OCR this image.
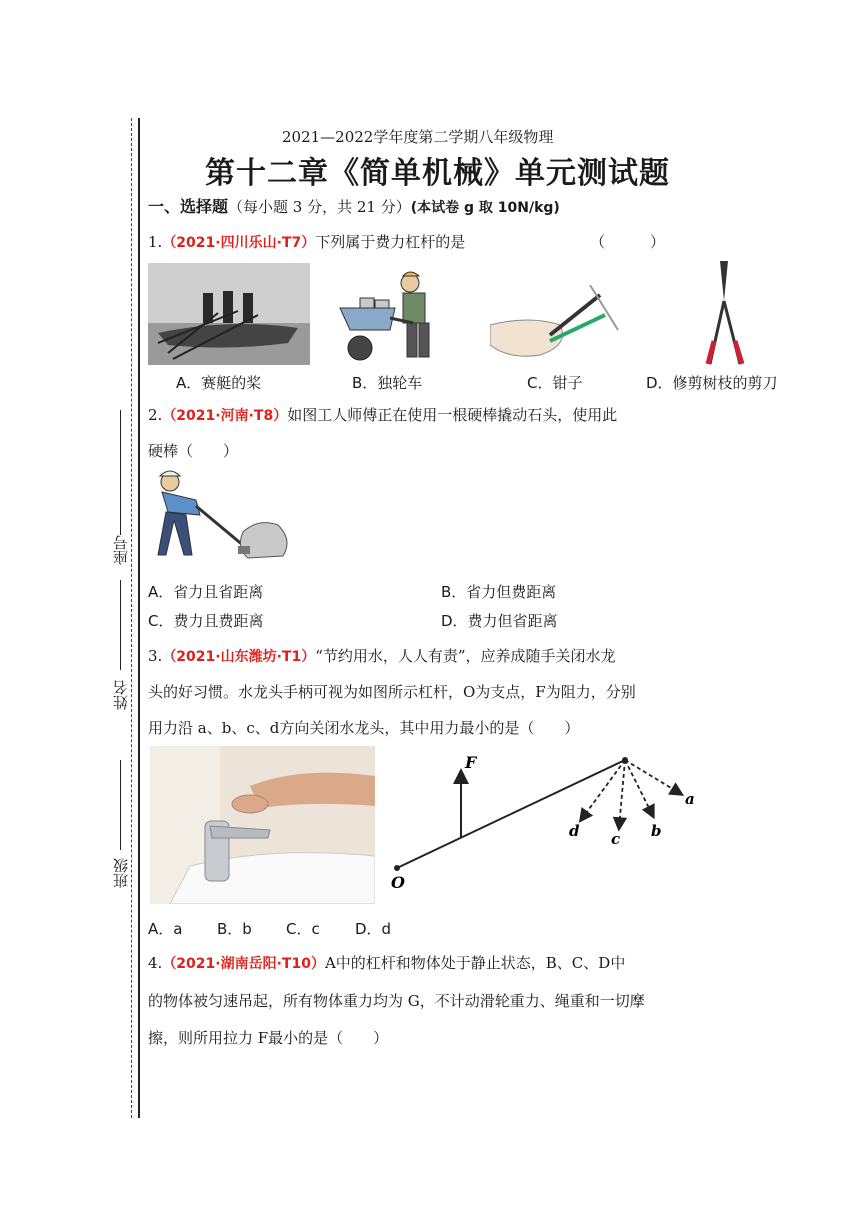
座号
姓名
班级
2021—2022学年度第二学期八年级物理
第十二章《简单机械》单元测试题
一、选择题（每小题 3 分，共 21 分）(本试卷 g 取 10N/kg)
1.（2021·四川乐山·T7）下列属于费力杠杆的是	（　　　）
A．赛艇的桨	B．独轮车	C．钳子	D．修剪树枝的剪刀
2.（2021·河南·T8）如图工人师傅正在使用一根硬棒撬动石头，使用此
硬棒（　　）
A．省力且省距离	B．省力但费距离
C．费力且费距离	D．费力但省距离
3.（2021·山东潍坊·T1）“节约用水，人人有责”，应养成随手关闭水龙
头的好习惯。水龙头手柄可视为如图所示杠杆，O为支点，F为阻力，分别
用力沿 a、b、c、d方向关闭水龙头，其中用力最小的是（　　）
F
O
a
b
c
d
A．a B．b C．c D．d
4.（2021·湖南岳阳·T10）A中的杠杆和物体处于静止状态，B、C、D中
的物体被匀速吊起，所有物体重力均为 G，不计动滑轮重力、绳重和一切摩
擦，则所用拉力 F最小的是（　　）
